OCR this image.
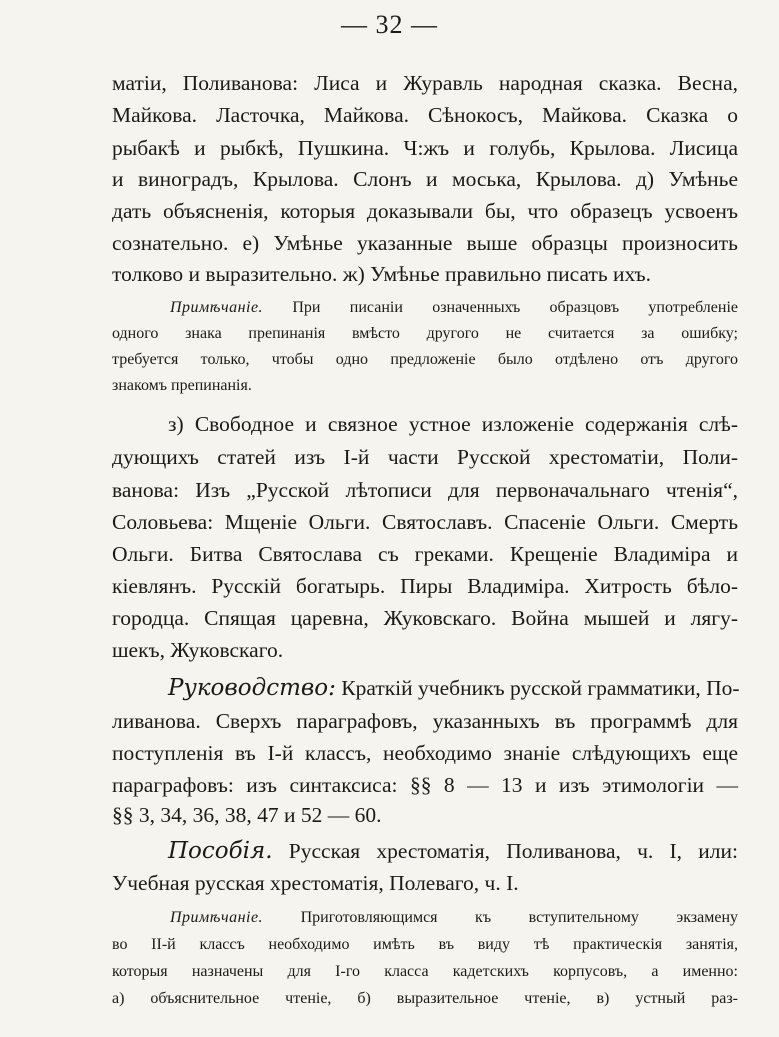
— 32 —
матіи, Поливанова: Лиса и Журавль народная сказка. Весна,
Майкова. Ласточка, Майкова. Сѣнокосъ, Майкова. Сказка о
рыбакѣ и рыбкѣ, Пушкина. Ч:жъ и голубь, Крылова. Лисица
и виноградъ, Крылова. Слонъ и моська, Крылова. д) Умѣнье
дать объясненія, которыя доказывали бы, что образецъ усвоенъ
сознательно. е) Умѣнье указанные выше образцы произносить
толково и выразительно. ж) Умѣнье правильно писать ихъ.
Примѣчаніе. При писаніи означенныхъ образцовъ употребленіе
одного знака препинанія вмѣсто другого не считается за ошибку;
требуется только, чтобы одно предложеніе было отдѣлено отъ другого
знакомъ препинанія.
з) Свободное и связное устное изложеніе содержанія слѣ-
дующихъ статей изъ I-й части Русской хрестоматіи, Поли-
ванова: Изъ „Русской лѣтописи для первоначальнаго чтенія“,
Соловьева: Мщеніе Ольги. Святославъ. Спасеніе Ольги. Смерть
Ольги. Битва Святослава съ греками. Крещеніе Владиміра и
кіевлянъ. Русскій богатырь. Пиры Владиміра. Хитрость бѣло-
городца. Спящая царевна, Жуковскаго. Война мышей и лягу-
шекъ, Жуковскаго.
Руководство: Краткій учебникъ русской грамматики, По-
ливанова. Сверхъ параграфовъ, указанныхъ въ программѣ для
поступленія въ I-й классъ, необходимо знаніе слѣдующихъ еще
параграфовъ: изъ синтаксиса: §§ 8 — 13 и изъ этимологіи —
§§ 3, 34, 36, 38, 47 и 52 — 60.
Пособія. Русская хрестоматія, Поливанова, ч. I, или:
Учебная русская хрестоматія, Полеваго, ч. I.
Примѣчаніе. Приготовляющимся къ вступительному экзамену
во II-й классъ необходимо имѣть въ виду тѣ практическія занятія,
которыя назначены для I-го класса кадетскихъ корпусовъ, а именно:
а) объяснительное чтеніе, б) выразительное чтеніе, в) устный раз-
